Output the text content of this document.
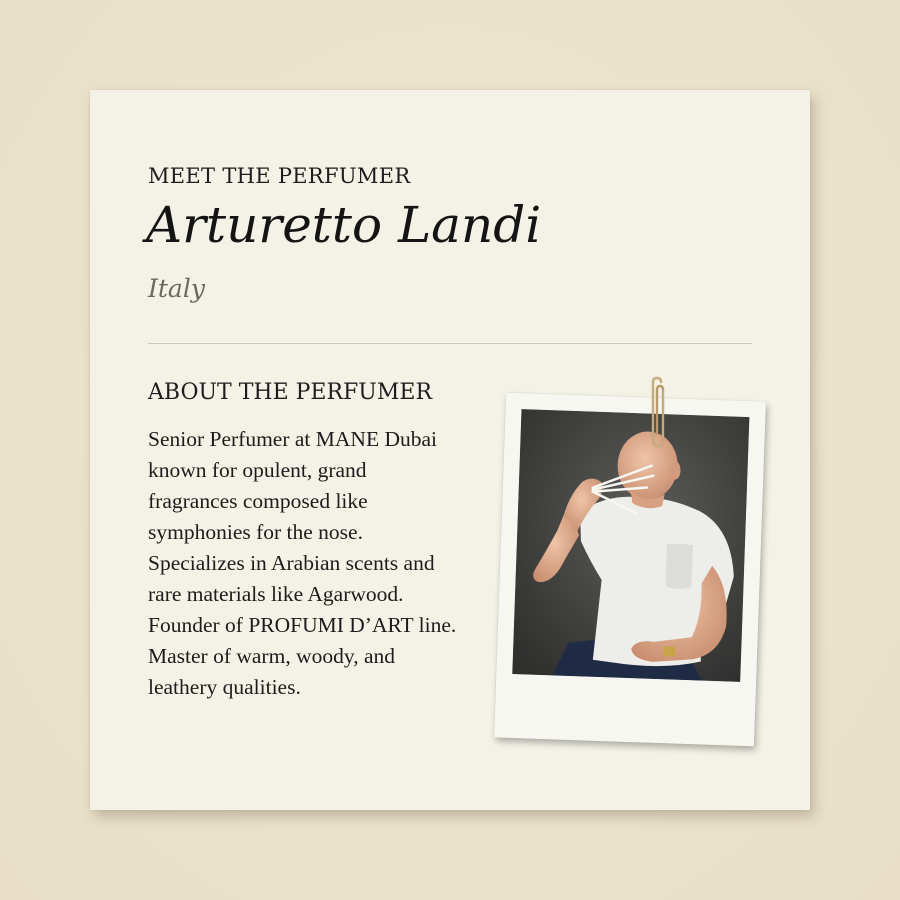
MEET THE PERFUMER

Arturetto Landi

Italy

ABOUT THE PERFUMER
Senior Perfumer at MANE Dubai
known for opulent, grand
fragrances composed like
symphonies for the nose.
Specializes in Arabian scents and
rare materials like Agarwood.
Founder of PROFUMI D’ART line.
Master of warm, woody, and
leathery qualities.
